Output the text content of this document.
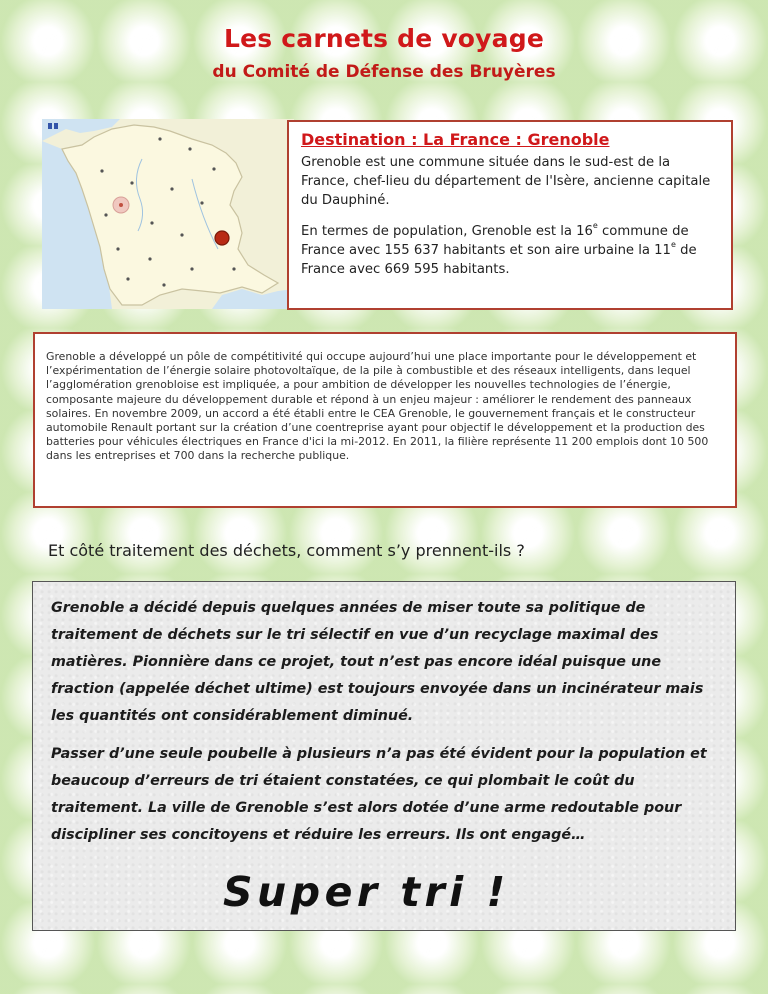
Les carnets de voyage
du Comité de Défense des Bruyères
Destination : La France : Grenoble

Grenoble est une commune située dans le sud-est de la France, chef-lieu du département de l'Isère, ancienne capitale du Dauphiné.

En termes de population, Grenoble est la 16e commune de France avec 155 637 habitants et son aire urbaine la 11e de France avec 669 595 habitants.

Grenoble a développé un pôle de compétitivité qui occupe aujourd’hui une place importante pour le développement et l’expérimentation de l’énergie solaire photovoltaïque, de la pile à combustible et des réseaux intelligents, dans lequel l’agglomération grenobloise est impliquée, a pour ambition de développer les nouvelles technologies de l’énergie, composante majeure du développement durable et répond à un enjeu majeur : améliorer le rendement des panneaux solaires. En novembre 2009, un accord a été établi entre le CEA Grenoble, le gouvernement français et le constructeur automobile Renault portant sur la création d’une coentreprise ayant pour objectif le développement et la production des batteries pour véhicules électriques en France d'ici la mi-2012. En 2011, la filière représente 11 200 emplois dont 10 500 dans les entreprises et 700 dans la recherche publique.

Et côté traitement des déchets, comment s’y prennent-ils ?

Grenoble a décidé depuis quelques années de miser toute sa politique de traitement de déchets sur le tri sélectif en vue d’un recyclage maximal des matières. Pionnière dans ce projet, tout n’est pas encore idéal puisque une fraction (appelée déchet ultime) est toujours envoyée dans un incinérateur mais les quantités ont considérablement diminué.

Passer d’une seule poubelle à plusieurs n’a pas été évident pour la population et beaucoup d’erreurs de tri étaient constatées, ce qui plombait le coût du traitement. La ville de Grenoble s’est alors dotée d’une arme redoutable pour discipliner ses concitoyens et réduire les erreurs. Ils ont engagé…

Super tri !
